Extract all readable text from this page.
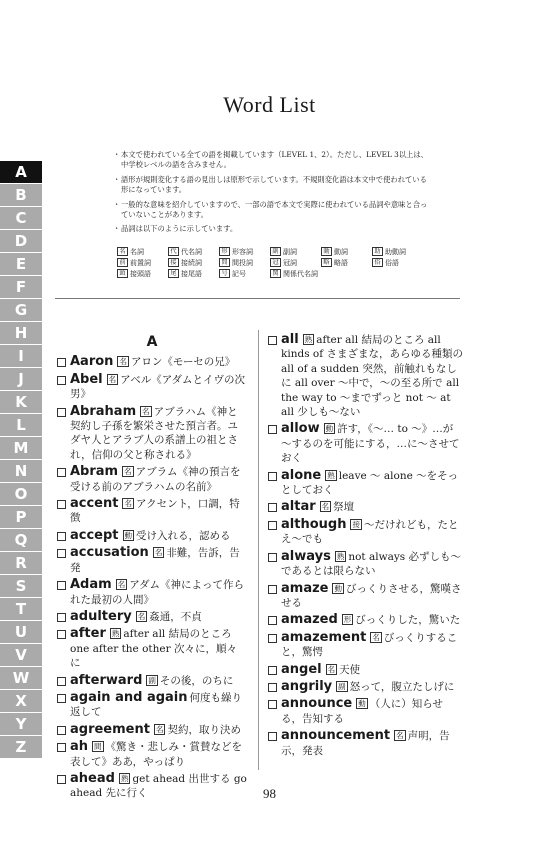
Word List
・ 本文で使われている全ての語を掲載しています（LEVEL 1、2）。ただし、LEVEL 3以上は、中学校レベルの語を含みません。
・ 語形が規則変化する語の見出しは原形で示しています。不規則変化語は本文中で使われている形になっています。
・ 一般的な意味を紹介していますので、一部の語で本文で実際に使われている品詞や意味と合っていないことがあります。
・ 品詞は以下のように示しています。
名 名詞	代 代名詞	形 形容詞	副 副詞	動 動詞	助 助動詞
前 前置詞	接 接続詞	間 間投詞	冠 冠詞	略 略語	俗 俗語
頭 接頭語	尾 接尾語	号 記号	関 関係代名詞
A
B
C
D
E
F
G
H
I
J
K
L
M
N
O
P
Q
R
S
T
U
V
W
X
Y
Z
A
Aaron 名 アロン《モーセの兄》
Abel 名 アベル《アダムとイヴの次男》
Abraham 名 アブラハム《神と契約し子孫を繁栄させた預言者。ユダヤ人とアラブ人の系譜上の祖とされ，信仰の父と称される》
Abram 名 アブラム《神の預言を受ける前のアブラハムの名前》
accent 名 アクセント，口調，特徴
accept 動 受け入れる，認める
accusation 名 非難，告訴，告発
Adam 名 アダム《神によって作られた最初の人間》
adultery 名 姦通，不貞
after 熟 after all 結局のところ one after the other 次々に，順々に
afterward 副 その後，のちに
again and again 何度も繰り返して
agreement 名 契約，取り決め
ah 間 《驚き・悲しみ・賞賛などを表して》ああ，やっぱり
ahead 熟 get ahead 出世する go ahead 先に行く
all 熟 after all 結局のところ all kinds of さまざまな，あらゆる種類の all of a sudden 突然，前触れもなしに all over ～中で，～の至る所で all the way to ～までずっと not ～ at all 少しも～ない
allow 動 許す，《～… to ～》…が～するのを可能にする，…に～させておく
alone 熟 leave ～ alone ～をそっとしておく
altar 名 祭壇
although 接 ～だけれども，たとえ～でも
always 熟 not always 必ずしも～であるとは限らない
amaze 動 びっくりさせる，驚嘆させる
amazed 形 びっくりした，驚いた
amazement 名 びっくりすること，驚愕
angel 名 天使
angrily 副 怒って，腹立たしげに
announce 動 （人に）知らせる，告知する
announcement 名 声明，告示，発表
98
